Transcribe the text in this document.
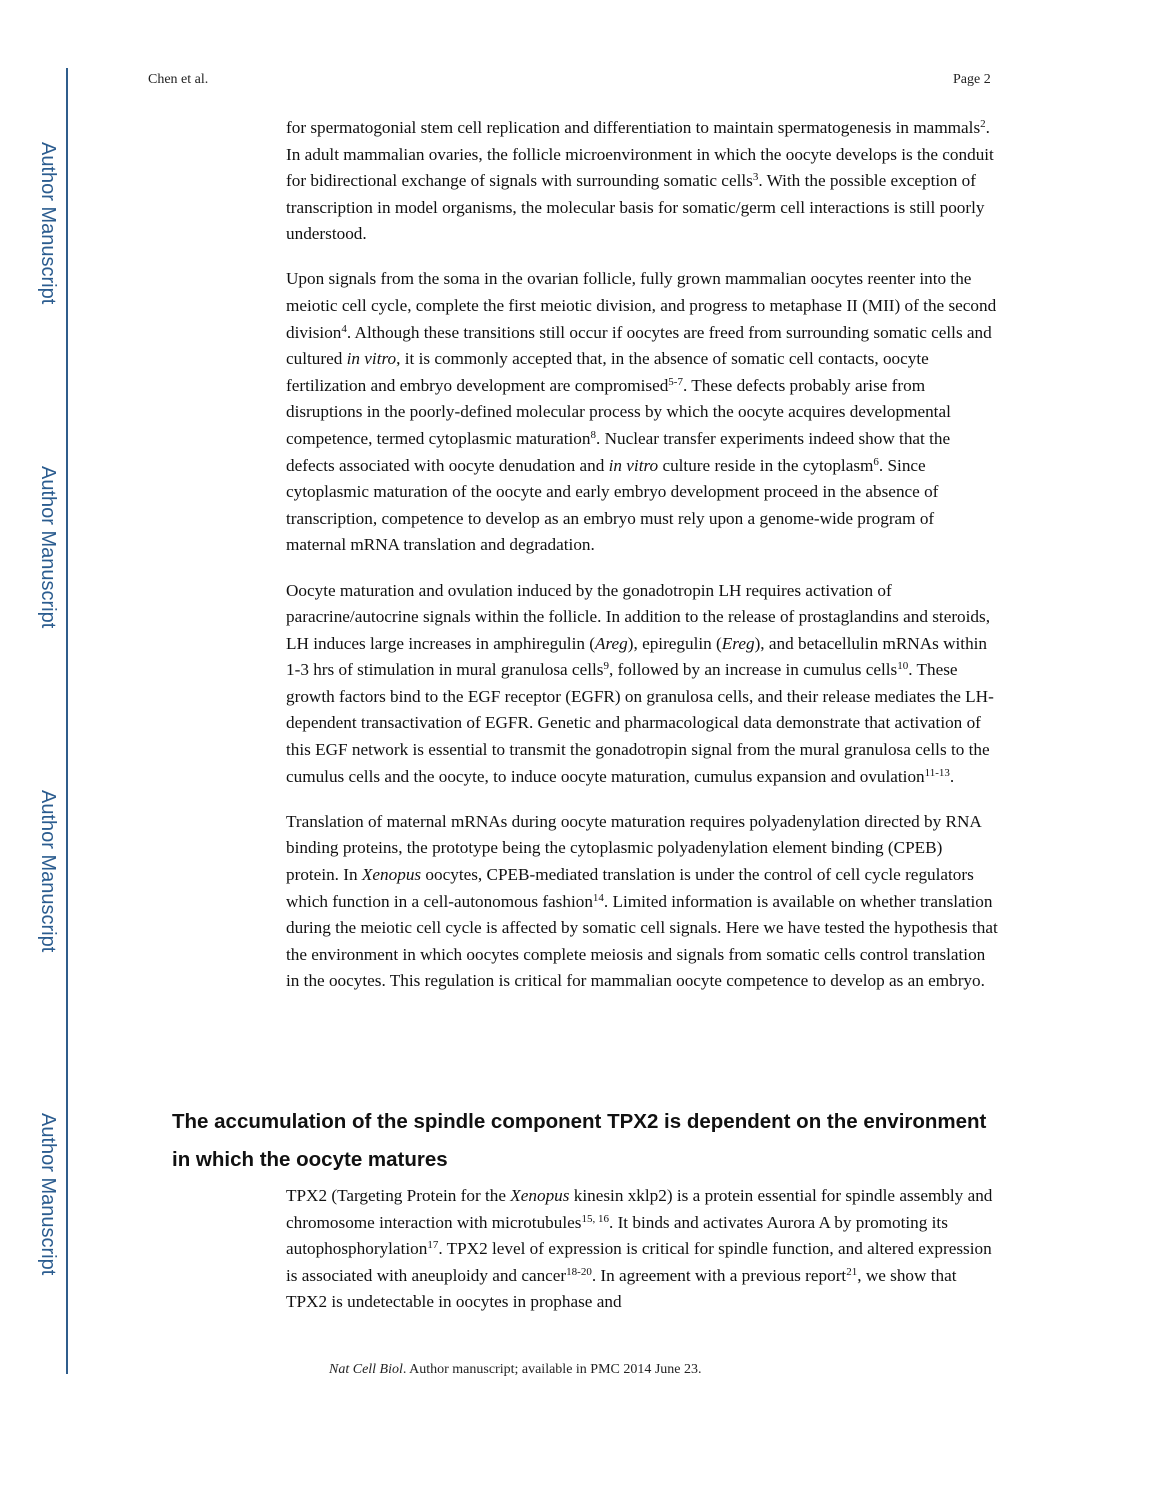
Author Manuscript
Author Manuscript
Author Manuscript
Author Manuscript
Chen et al.	Page 2

for spermatogonial stem cell replication and differentiation to maintain spermatogenesis in mammals$^2$. In adult mammalian ovaries, the follicle microenvironment in which the oocyte develops is the conduit for bidirectional exchange of signals with surrounding somatic cells$^3$. With the possible exception of transcription in model organisms, the molecular basis for somatic/germ cell interactions is still poorly understood.

Upon signals from the soma in the ovarian follicle, fully grown mammalian oocytes reenter into the meiotic cell cycle, complete the first meiotic division, and progress to metaphase II (MII) of the second division$^4$. Although these transitions still occur if oocytes are freed from surrounding somatic cells and cultured in vitro, it is commonly accepted that, in the absence of somatic cell contacts, oocyte fertilization and embryo development are compromised$^{5-7}$. These defects probably arise from disruptions in the poorly-defined molecular process by which the oocyte acquires developmental competence, termed cytoplasmic maturation$^8$. Nuclear transfer experiments indeed show that the defects associated with oocyte denudation and in vitro culture reside in the cytoplasm$^6$. Since cytoplasmic maturation of the oocyte and early embryo development proceed in the absence of transcription, competence to develop as an embryo must rely upon a genome-wide program of maternal mRNA translation and degradation.

Oocyte maturation and ovulation induced by the gonadotropin LH requires activation of paracrine/autocrine signals within the follicle. In addition to the release of prostaglandins and steroids, LH induces large increases in amphiregulin (Areg), epiregulin (Ereg), and betacellulin mRNAs within 1-3 hrs of stimulation in mural granulosa cells$^9$, followed by an increase in cumulus cells$^{10}$. These growth factors bind to the EGF receptor (EGFR) on granulosa cells, and their release mediates the LH-dependent transactivation of EGFR. Genetic and pharmacological data demonstrate that activation of this EGF network is essential to transmit the gonadotropin signal from the mural granulosa cells to the cumulus cells and the oocyte, to induce oocyte maturation, cumulus expansion and ovulation$^{11-13}$.

Translation of maternal mRNAs during oocyte maturation requires polyadenylation directed by RNA binding proteins, the prototype being the cytoplasmic polyadenylation element binding (CPEB) protein. In Xenopus oocytes, CPEB-mediated translation is under the control of cell cycle regulators which function in a cell-autonomous fashion$^{14}$. Limited information is available on whether translation during the meiotic cell cycle is affected by somatic cell signals. Here we have tested the hypothesis that the environment in which oocytes complete meiosis and signals from somatic cells control translation in the oocytes. This regulation is critical for mammalian oocyte competence to develop as an embryo.

The accumulation of the spindle component TPX2 is dependent on the environment in which the oocyte matures

TPX2 (Targeting Protein for the Xenopus kinesin xklp2) is a protein essential for spindle assembly and chromosome interaction with microtubules$^{15, 16}$. It binds and activates Aurora A by promoting its autophosphorylation$^{17}$. TPX2 level of expression is critical for spindle function, and altered expression is associated with aneuploidy and cancer$^{18-20}$. In agreement with a previous report$^{21}$, we show that TPX2 is undetectable in oocytes in prophase and

Nat Cell Biol. Author manuscript; available in PMC 2014 June 23.
